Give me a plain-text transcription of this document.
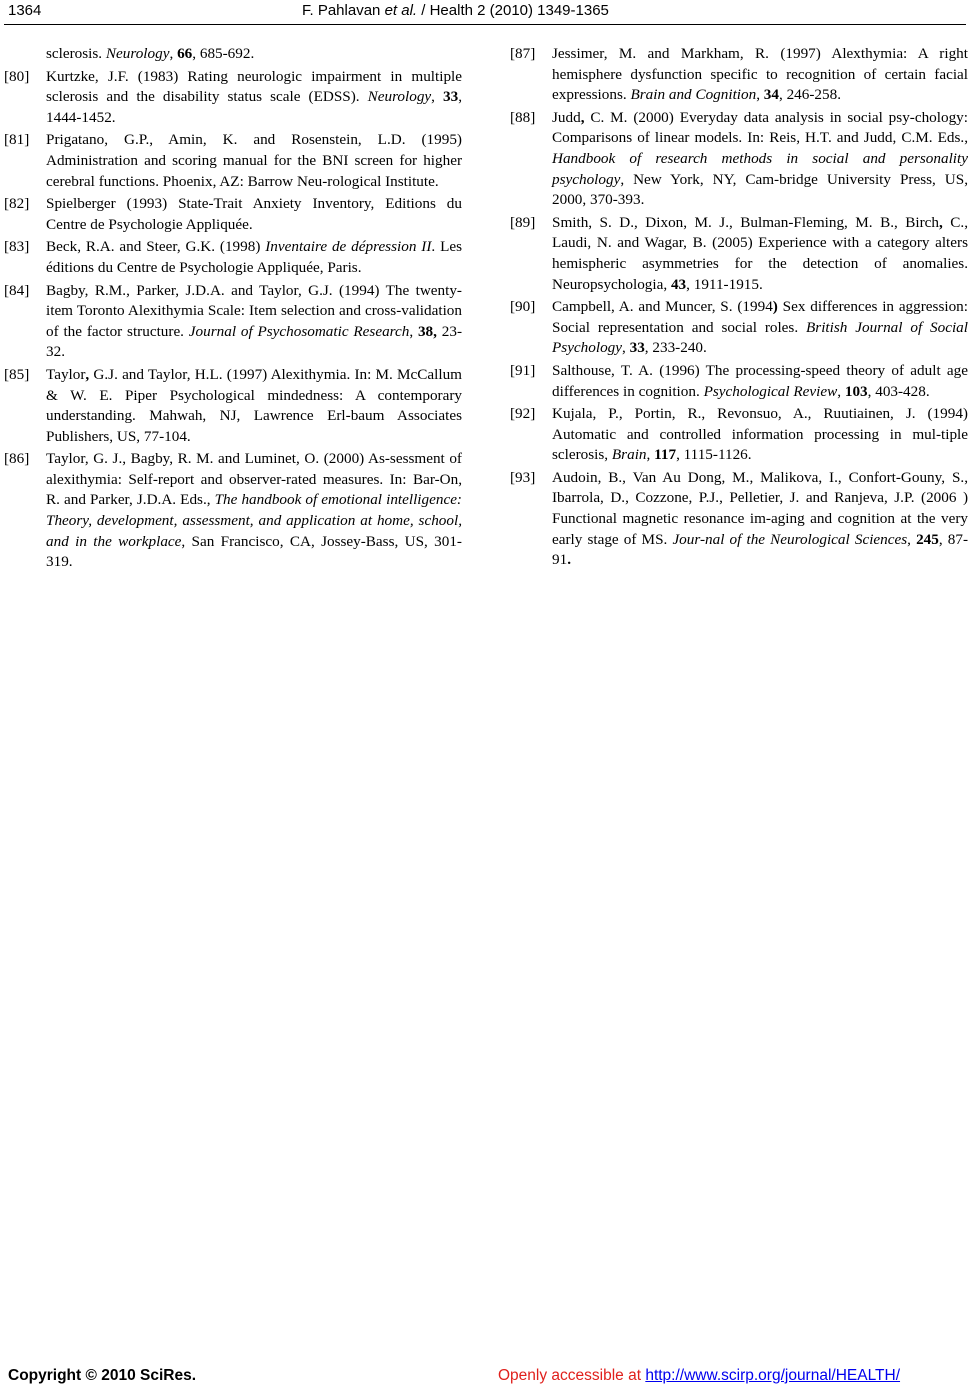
1364	F. Pahlavan et al. / Health 2 (2010) 1349-1365
sclerosis. Neurology, 66, 685-692.
[80] Kurtzke, J.F. (1983) Rating neurologic impairment in multiple sclerosis and the disability status scale (EDSS). Neurology, 33, 1444-1452.
[81] Prigatano, G.P., Amin, K. and Rosenstein, L.D. (1995) Administration and scoring manual for the BNI screen for higher cerebral functions. Phoenix, AZ: Barrow Neu-rological Institute.
[82] Spielberger (1993) State-Trait Anxiety Inventory, Editions du Centre de Psychologie Appliquée.
[83] Beck, R.A. and Steer, G.K. (1998) Inventaire de dépression II. Les éditions du Centre de Psychologie Appliquée, Paris.
[84] Bagby, R.M., Parker, J.D.A. and Taylor, G.J. (1994) The twenty-item Toronto Alexithymia Scale: Item selection and cross-validation of the factor structure. Journal of Psychosomatic Research, 38, 23-32.
[85] Taylor, G.J. and Taylor, H.L. (1997) Alexithymia. In: M. McCallum & W. E. Piper Psychological mindedness: A contemporary understanding. Mahwah, NJ, Lawrence Erl-baum Associates Publishers, US, 77-104.
[86] Taylor, G. J., Bagby, R. M. and Luminet, O. (2000) As-sessment of alexithymia: Self-report and observer-rated measures. In: Bar-On, R. and Parker, J.D.A. Eds., The handbook of emotional intelligence: Theory, development, assessment, and application at home, school, and in the workplace, San Francisco, CA, Jossey-Bass, US, 301-319.
[87] Jessimer, M. and Markham, R. (1997) Alexthymia: A right hemisphere dysfunction specific to recognition of certain facial expressions. Brain and Cognition, 34, 246-258.
[88] Judd, C. M. (2000) Everyday data analysis in social psy-chology: Comparisons of linear models. In: Reis, H.T. and Judd, C.M. Eds., Handbook of research methods in social and personality psychology, New York, NY, Cam-bridge University Press, US, 2000, 370-393.
[89] Smith, S. D., Dixon, M. J., Bulman-Fleming, M. B., Birch, C., Laudi, N. and Wagar, B. (2005) Experience with a category alters hemispheric asymmetries for the detection of anomalies. Neuropsychologia, 43, 1911-1915.
[90] Campbell, A. and Muncer, S. (1994) Sex differences in aggression: Social representation and social roles. British Journal of Social Psychology, 33, 233-240.
[91] Salthouse, T. A. (1996) The processing-speed theory of adult age differences in cognition. Psychological Review, 103, 403-428.
[92] Kujala, P., Portin, R., Revonsuo, A., Ruutiainen, J. (1994) Automatic and controlled information processing in mul-tiple sclerosis, Brain, 117, 1115-1126.
[93] Audoin, B., Van Au Dong, M., Malikova, I., Confort-Gouny, S., Ibarrola, D., Cozzone, P.J., Pelletier, J. and Ranjeva, J.P. (2006 ) Functional magnetic resonance im-aging and cognition at the very early stage of MS. Jour-nal of the Neurological Sciences, 245, 87-91.
Copyright © 2010 SciRes.	Openly accessible at http://www.scirp.org/journal/HEALTH/
